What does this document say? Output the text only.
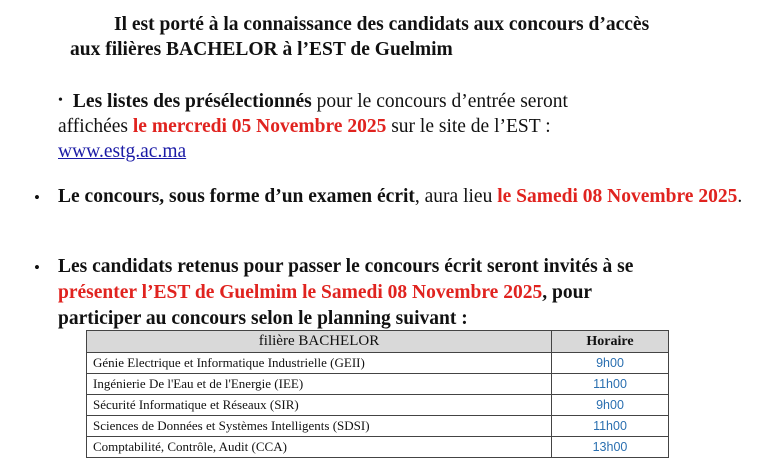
Il est porté à la connaissance des candidats aux concours d’accès
aux filières BACHELOR à l’EST de Guelmim
• Les listes des présélectionnés pour le concours d’entrée seront
affichées le mercredi 05 Novembre 2025 sur le site de l’EST :
www.estg.ac.ma
• Le concours, sous forme d’un examen écrit, aura lieu le Samedi 08 Novembre 2025.
• Les candidats retenus pour passer le concours écrit seront invités à se
présenter l’EST de Guelmim le Samedi 08 Novembre 2025, pour
participer au concours selon le planning suivant :
filière BACHELOR	Horaire
Génie Electrique et Informatique Industrielle (GEII)	9h00
Ingénierie De l'Eau et de l'Energie (IEE)	11h00
Sécurité Informatique et Réseaux (SIR)	9h00
Sciences de Données et Systèmes Intelligents (SDSI)	11h00
Comptabilité, Contrôle, Audit (CCA)	13h00
